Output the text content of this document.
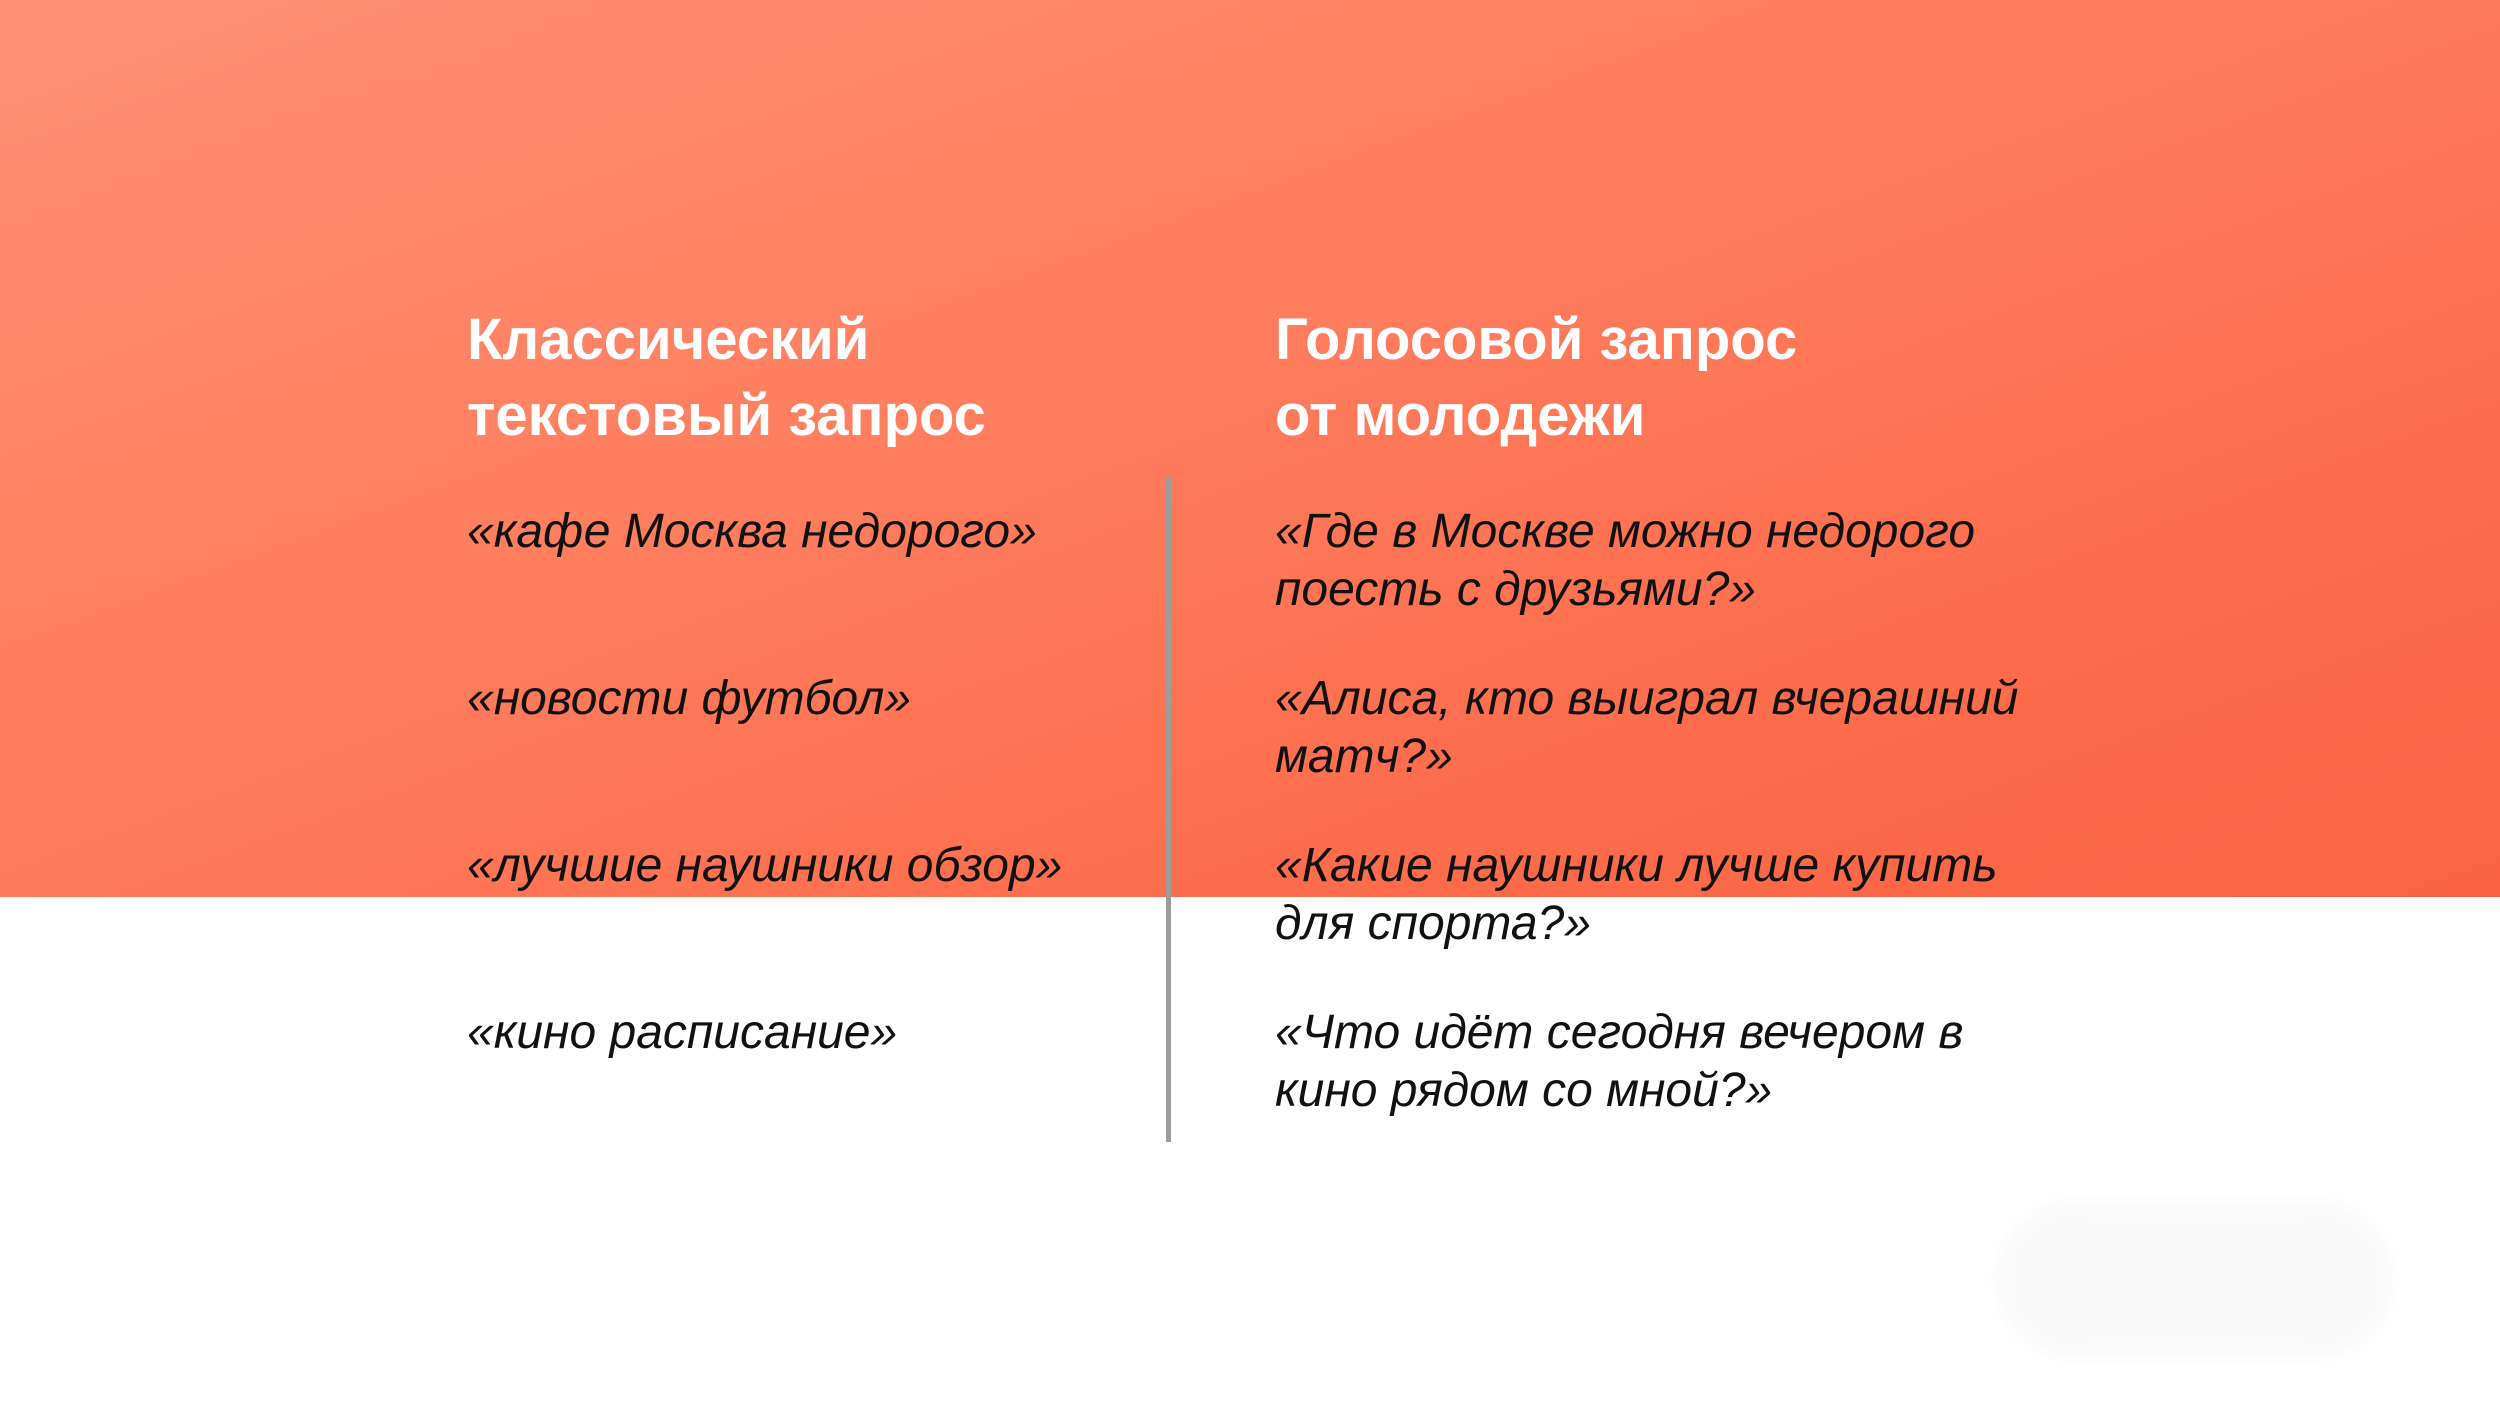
Классический
текстовый запрос
Голосовой запрос
от молодежи

«кафе Москва недорого»

«новости футбол»

«лучшие наушники обзор»

«кино расписание»

«Где в Москве можно недорого поесть с друзьями?»

«Алиса, кто выиграл вчерашний матч?»

«Какие наушники лучше купить для спорта?»

«Что идёт сегодня вечером в кино рядом со мной?»
